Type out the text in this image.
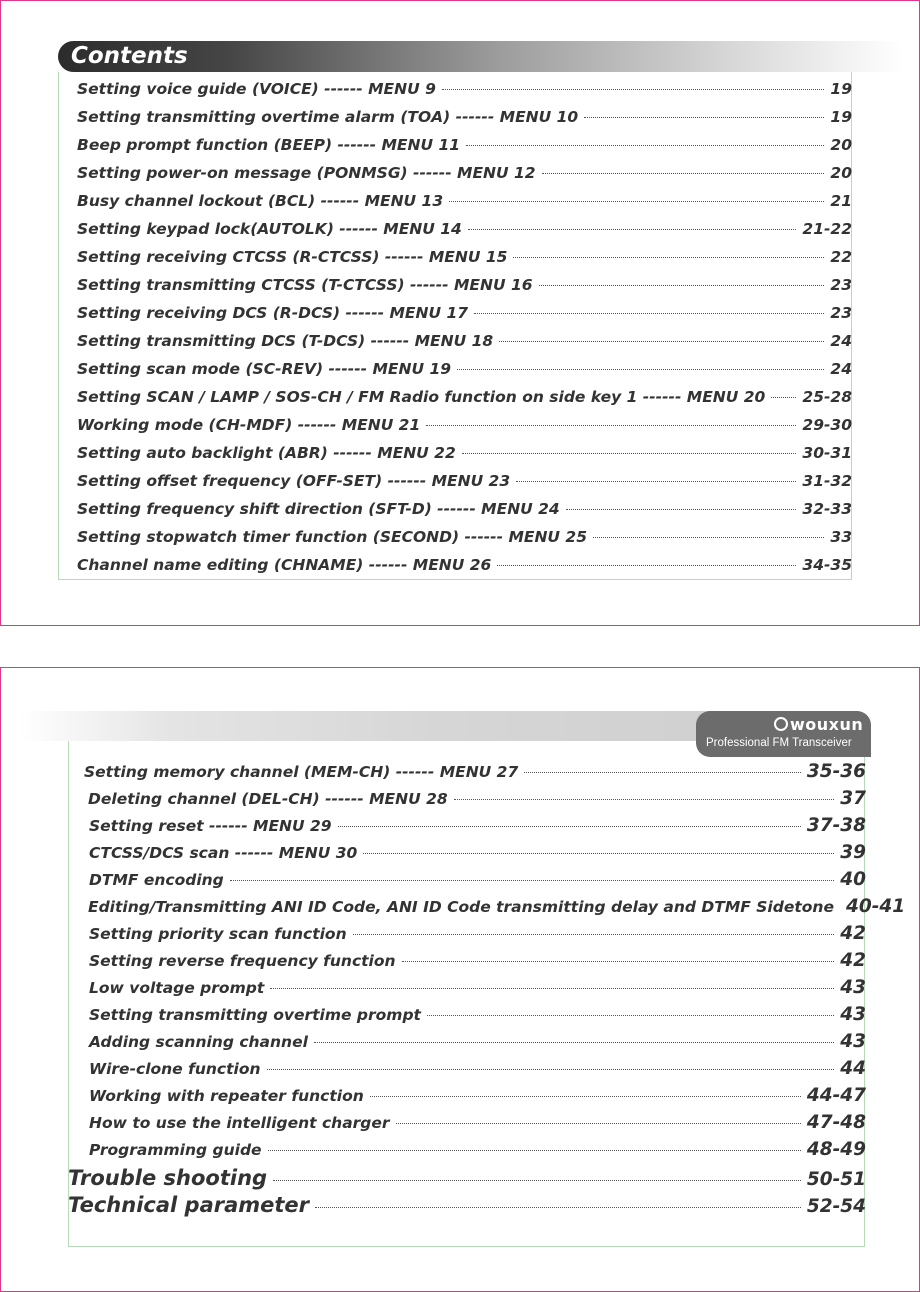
Contents
Setting voice guide (VOICE) ------ MENU 9	19
Setting transmitting overtime alarm (TOA) ------ MENU 10	19
Beep prompt function (BEEP) ------ MENU 11	20
Setting power-on message (PONMSG) ------ MENU 12	20
Busy channel lockout (BCL) ------ MENU 13	21
Setting keypad lock(AUTOLK) ------ MENU 14	21-22
Setting receiving CTCSS (R-CTCSS) ------ MENU 15	22
Setting transmitting CTCSS (T-CTCSS) ------ MENU 16	23
Setting receiving DCS (R-DCS) ------ MENU 17	23
Setting transmitting DCS (T-DCS) ------ MENU 18	24
Setting scan mode (SC-REV) ------ MENU 19	24
Setting SCAN / LAMP / SOS-CH / FM Radio function on side key 1 ------ MENU 20 25-28
Working mode (CH-MDF) ------ MENU 21	29-30
Setting auto backlight (ABR) ------ MENU 22	30-31
Setting offset frequency (OFF-SET) ------ MENU 23	31-32
Setting frequency shift direction (SFT-D) ------ MENU 24	32-33
Setting stopwatch timer function (SECOND) ------ MENU 25	33
Channel name editing (CHNAME) ------ MENU 26	34-35
wouxun
Professional FM Transceiver
Setting memory channel (MEM-CH) ------ MENU 27	35-36
Deleting channel (DEL-CH) ------ MENU 28	37
Setting reset ------ MENU 29	37-38
CTCSS/DCS scan ------ MENU 30	39
DTMF encoding	40
Editing/Transmitting ANI ID Code, ANI ID Code transmitting delay and DTMF Sidetone 40-41
Setting priority scan function	42
Setting reverse frequency function	42
Low voltage prompt	43
Setting transmitting overtime prompt	43
Adding scanning channel	43
Wire-clone function	44
Working with repeater function	44-47
How to use the intelligent charger	47-48
Programming guide	48-49
Trouble shooting	50-51
Technical parameter	52-54
